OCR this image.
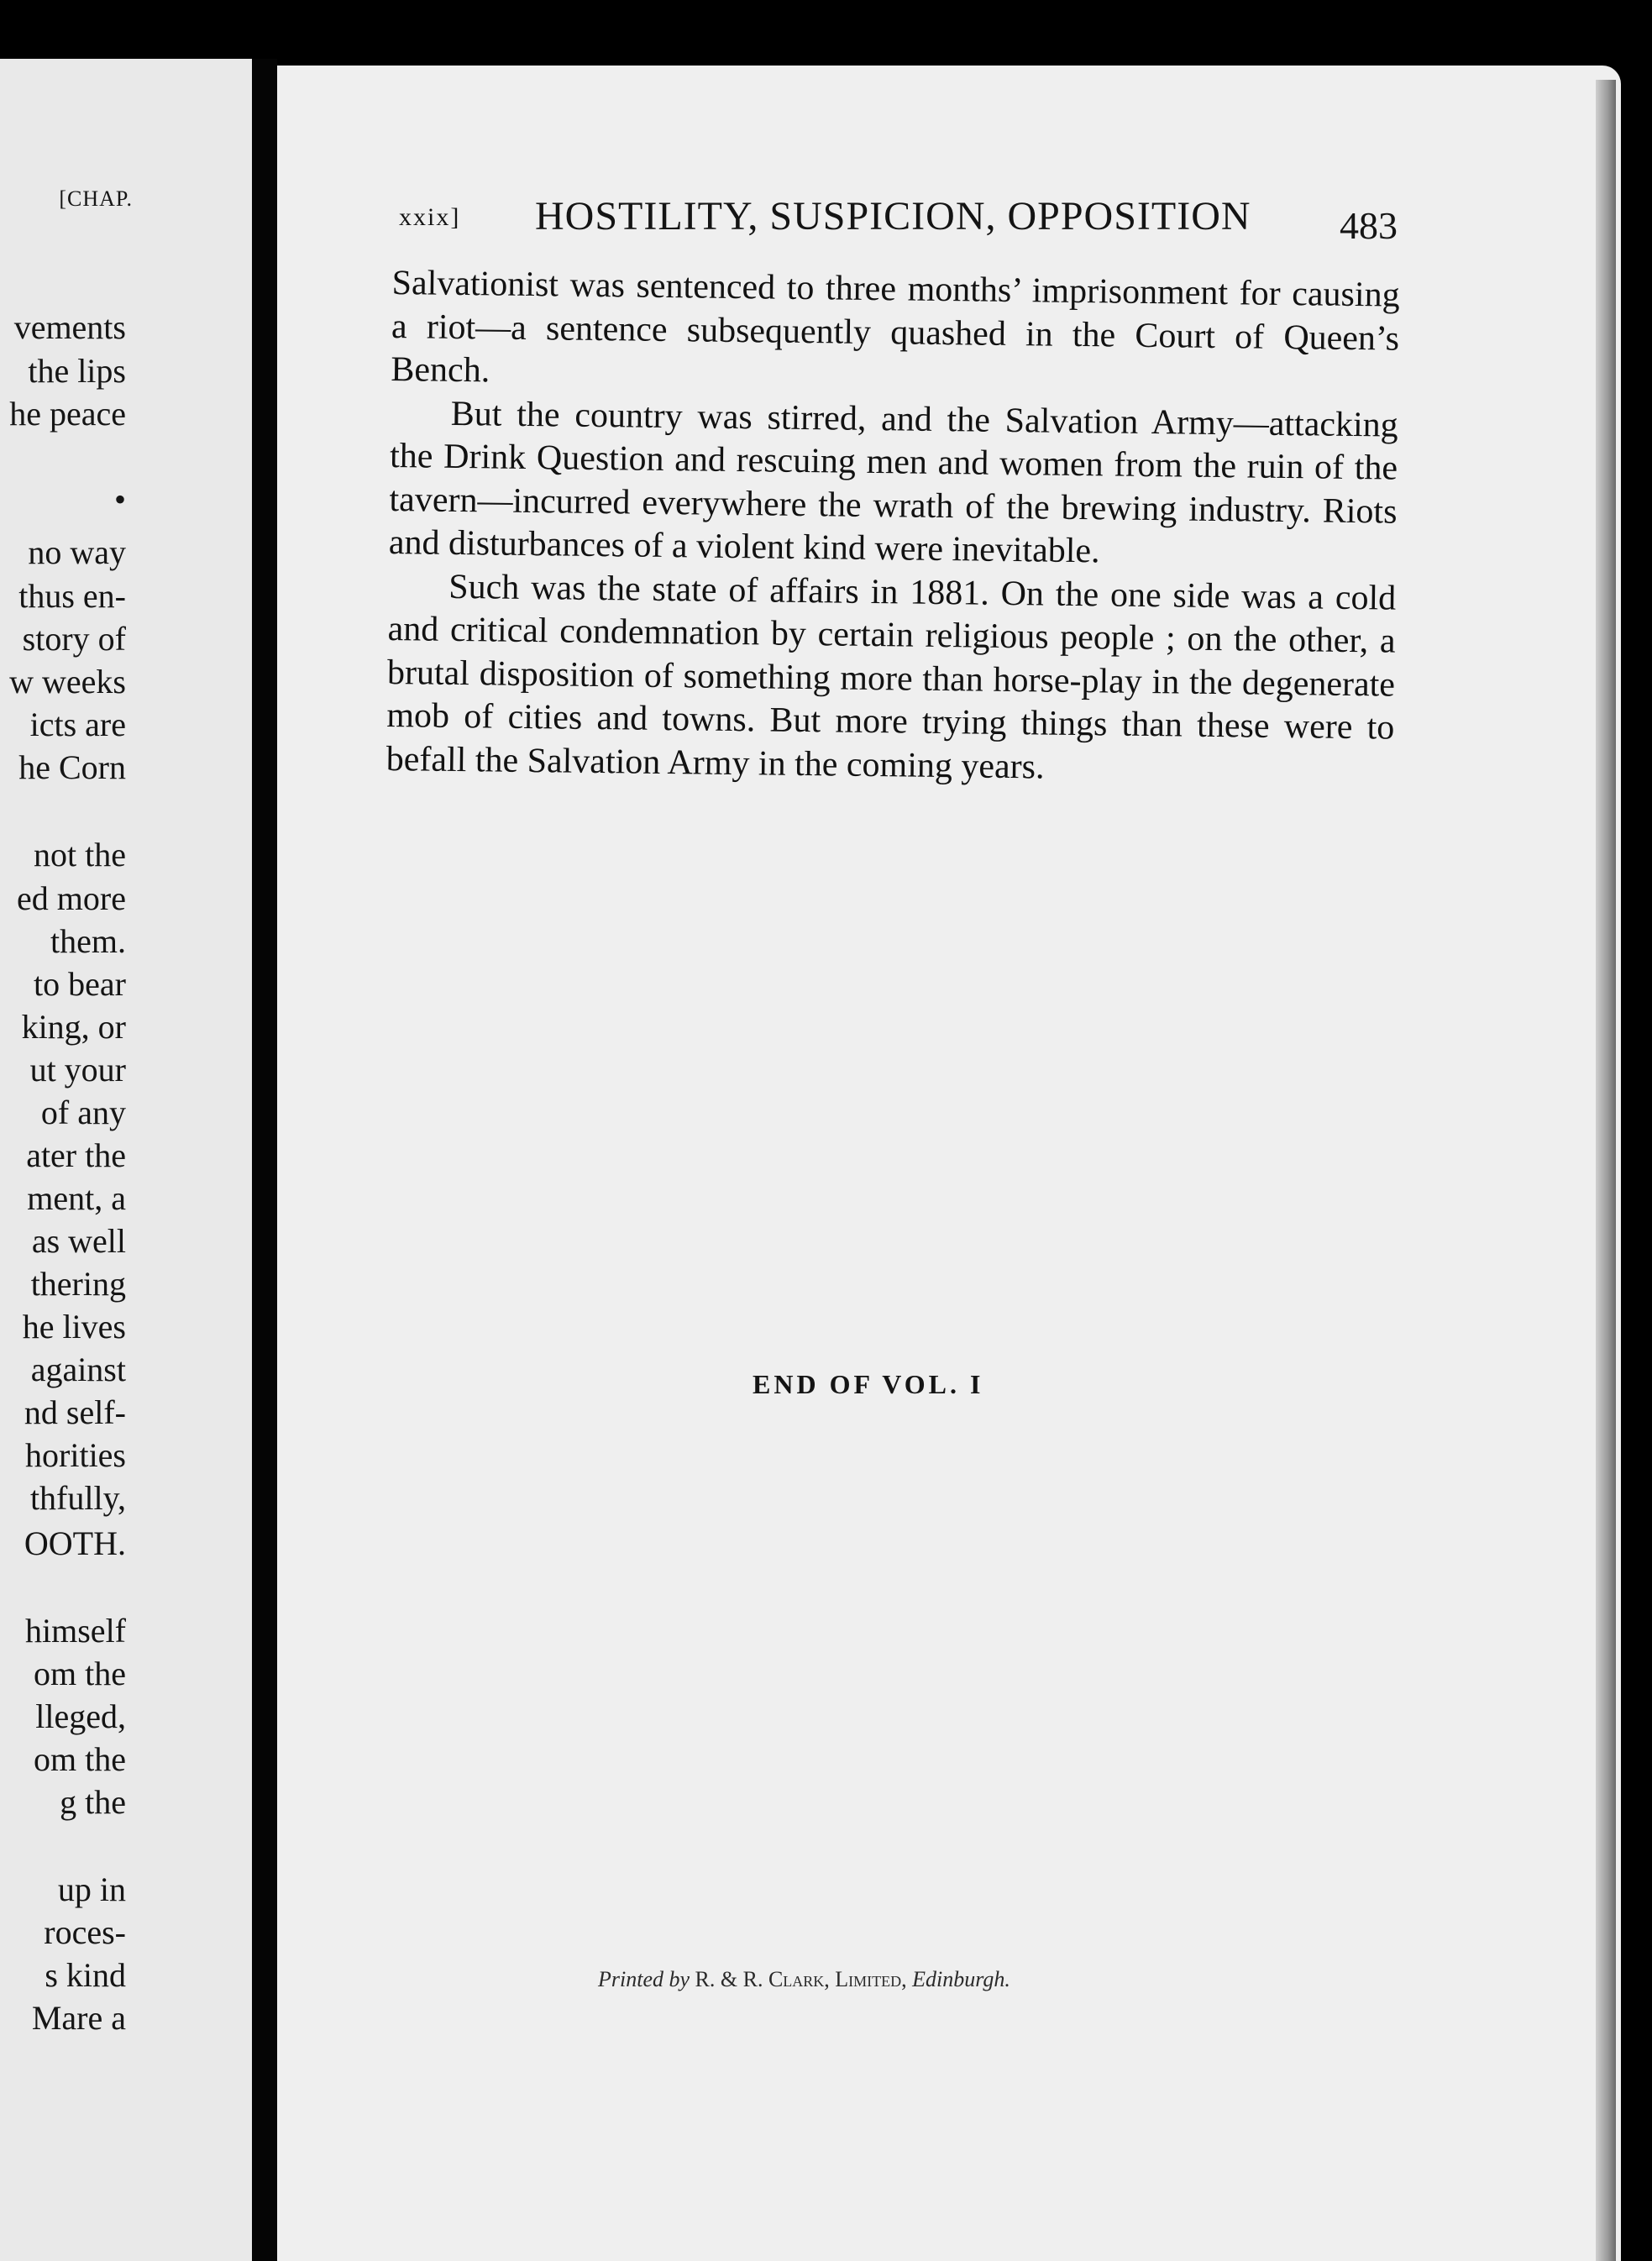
[CHAP.
vements
the lips
he peace
•
no way
thus en-
story of
w weeks
icts are
he Corn
not the
ed more
them.
to bear
king, or
ut your
of any
ater the
ment, a
as well
thering
he lives
against
nd self-
horities
thfully,
OOTH.
himself
om the
lleged,
om the
g the
up in
roces-
s kind
Mare a
xxix] HOSTILITY, SUSPICION, OPPOSITION 483

Salvationist was sentenced to three months’ imprisonment for causing a riot—a sentence subsequently quashed in the Court of Queen’s Bench.

But the country was stirred, and the Salvation Army—attacking the Drink Question and rescuing men and women from the ruin of the tavern—incurred everywhere the wrath of the brewing industry. Riots and disturbances of a violent kind were inevitable.

Such was the state of affairs in 1881. On the one side was a cold and critical condemnation by certain religious people ; on the other, a brutal disposition of something more than horse-play in the degenerate mob of cities and towns. But more trying things than these were to befall the Salvation Army in the coming years.

END OF VOL. I
Printed by R. & R. Clark, Limited, Edinburgh.
